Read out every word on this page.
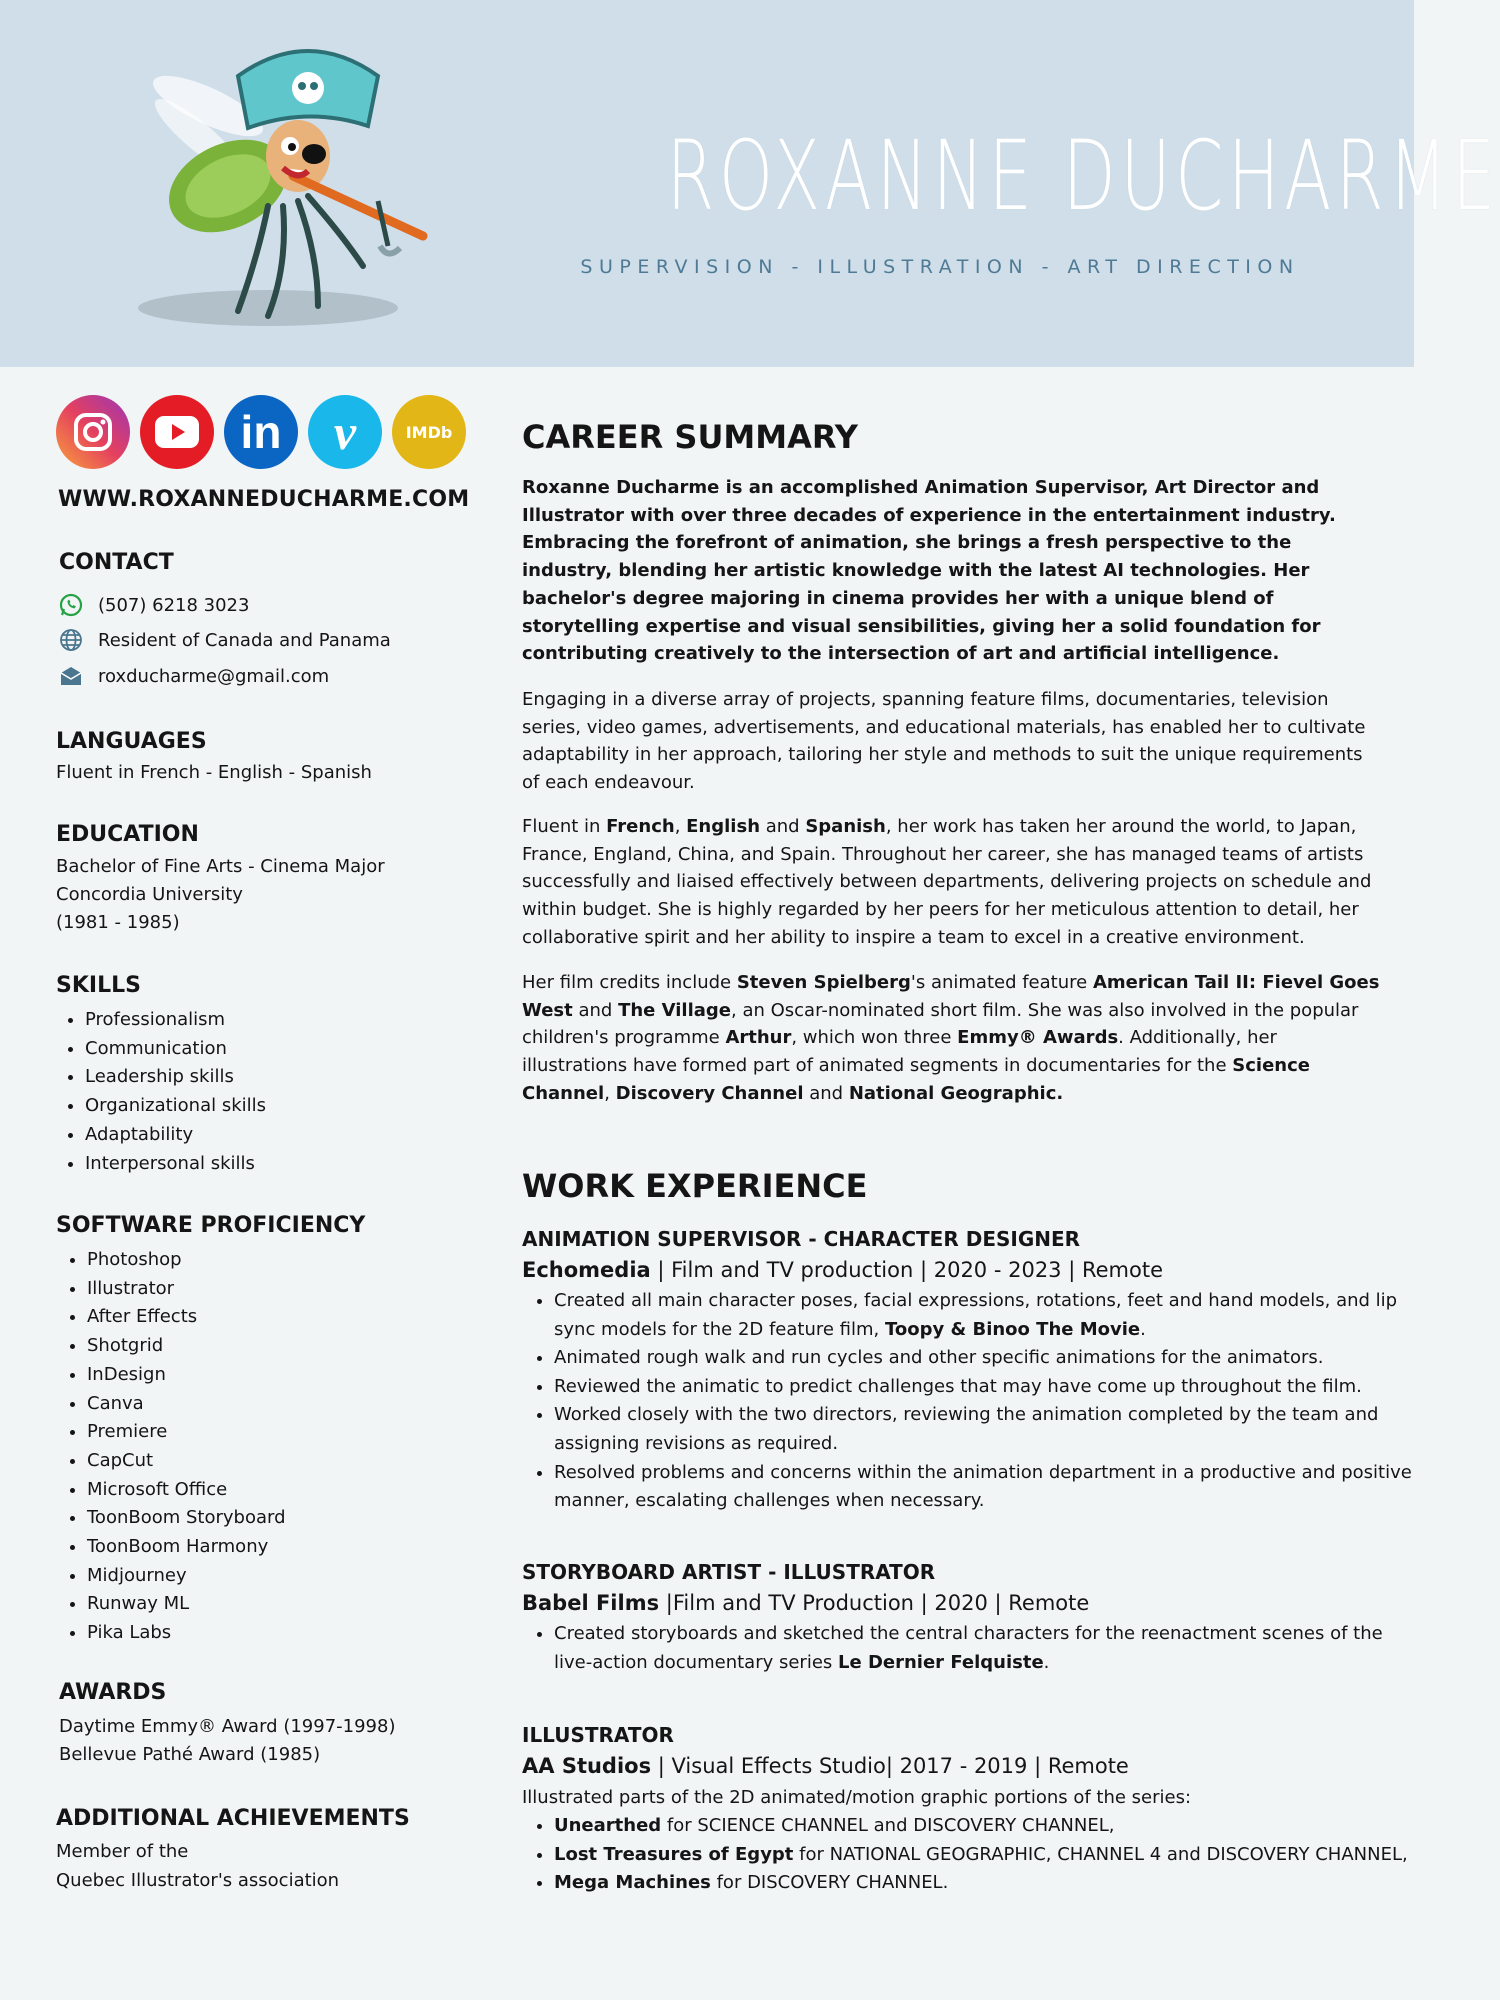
ROXANNE DUCHARME
SUPERVISION - ILLUSTRATION - ART DIRECTION
in v	IMDb
WWW.ROXANNEDUCHARME.COM
CONTACT
(507) 6218 3023
Resident of Canada and Panama
roxducharme@gmail.com
LANGUAGES
Fluent in French - English - Spanish
EDUCATION
Bachelor of Fine Arts - Cinema Major
Concordia University
(1981 - 1985)
SKILLS
• Professionalism
• Communication
• Leadership skills
• Organizational skills
• Adaptability
• Interpersonal skills
SOFTWARE PROFICIENCY
• Photoshop
• Illustrator
• After Effects
• Shotgrid
• InDesign
• Canva
• Premiere
• CapCut
• Microsoft Office
• ToonBoom Storyboard
• ToonBoom Harmony
• Midjourney
• Runway ML
• Pika Labs
AWARDS
Daytime Emmy® Award (1997-1998)
Bellevue Pathé Award (1985)
ADDITIONAL ACHIEVEMENTS
Member of the
Quebec Illustrator's association
CAREER SUMMARY
Roxanne Ducharme is an accomplished Animation Supervisor, Art Director and Illustrator with over three decades of experience in the entertainment industry. Embracing the forefront of animation, she brings a fresh perspective to the industry, blending her artistic knowledge with the latest AI technologies. Her bachelor's degree majoring in cinema provides her with a unique blend of storytelling expertise and visual sensibilities, giving her a solid foundation for contributing creatively to the intersection of art and artificial intelligence.
Engaging in a diverse array of projects, spanning feature films, documentaries, television series, video games, advertisements, and educational materials, has enabled her to cultivate adaptability in her approach, tailoring her style and methods to suit the unique requirements of each endeavour.
Fluent in French, English and Spanish, her work has taken her around the world, to Japan, France, England, China, and Spain. Throughout her career, she has managed teams of artists successfully and liaised effectively between departments, delivering projects on schedule and within budget. She is highly regarded by her peers for her meticulous attention to detail, her collaborative spirit and her ability to inspire a team to excel in a creative environment.
Her film credits include Steven Spielberg's animated feature American Tail II: Fievel Goes West and The Village, an Oscar-nominated short film. She was also involved in the popular children's programme Arthur, which won three Emmy® Awards. Additionally, her illustrations have formed part of animated segments in documentaries for the Science Channel, Discovery Channel and National Geographic.
WORK EXPERIENCE
ANIMATION SUPERVISOR - CHARACTER DESIGNER
Echomedia | Film and TV production | 2020 - 2023 | Remote
• Created all main character poses, facial expressions, rotations, feet and hand models, and lip sync models for the 2D feature film, Toopy & Binoo The Movie.
• Animated rough walk and run cycles and other specific animations for the animators.
• Reviewed the animatic to predict challenges that may have come up throughout the film.
• Worked closely with the two directors, reviewing the animation completed by the team and assigning revisions as required.
• Resolved problems and concerns within the animation department in a productive and positive manner, escalating challenges when necessary.
STORYBOARD ARTIST - ILLUSTRATOR
Babel Films |Film and TV Production | 2020 | Remote
• Created storyboards and sketched the central characters for the reenactment scenes of the live-action documentary series Le Dernier Felquiste.
ILLUSTRATOR
AA Studios | Visual Effects Studio| 2017 - 2019 | Remote
Illustrated parts of the 2D animated/motion graphic portions of the series:
• Unearthed for SCIENCE CHANNEL and DISCOVERY CHANNEL,
• Lost Treasures of Egypt for NATIONAL GEOGRAPHIC, CHANNEL 4 and DISCOVERY CHANNEL,
• Mega Machines for DISCOVERY CHANNEL.
